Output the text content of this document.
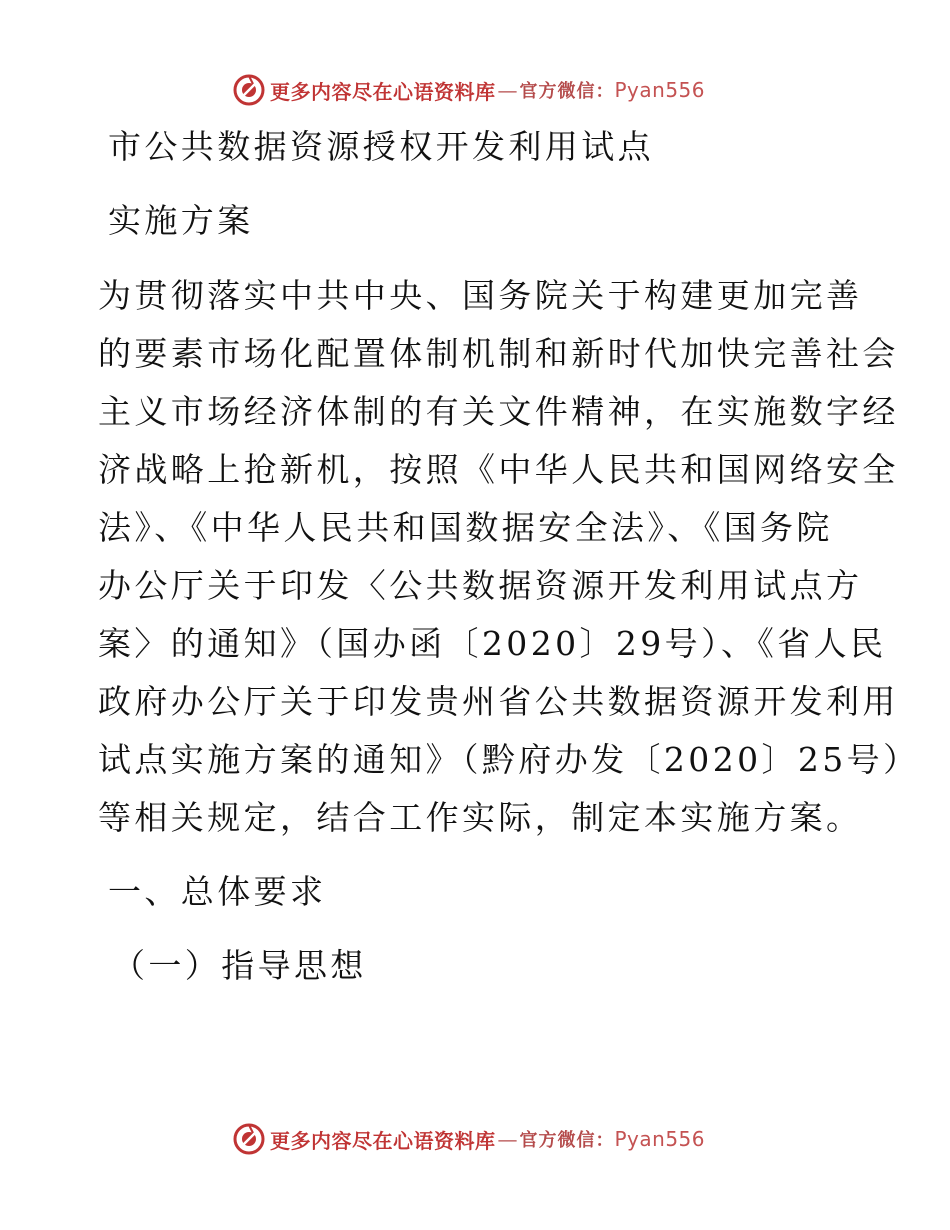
更多内容尽在心语资料库 — 官方微信： Pyan556
市公共数据资源授权开发利用试点
实施方案
为贯彻落实中共中央、国务院关于构建更加完善
的要素市场化配置体制机制和新时代加快完善社会
主义市场经济体制的有关文件精神，在实施数字经
济战略上抢新机，按照《中华人民共和国网络安全
法》、《中华人民共和国数据安全法》、《国务院
办公厅关于印发〈公共数据资源开发利用试点方
案〉的通知》（国办函〔2020〕29号）、《省人民
政府办公厅关于印发贵州省公共数据资源开发利用
试点实施方案的通知》（黔府办发〔2020〕25号）
等相关规定，结合工作实际，制定本实施方案。
一、总体要求
（一）指导思想
更多内容尽在心语资料库 — 官方微信： Pyan556
